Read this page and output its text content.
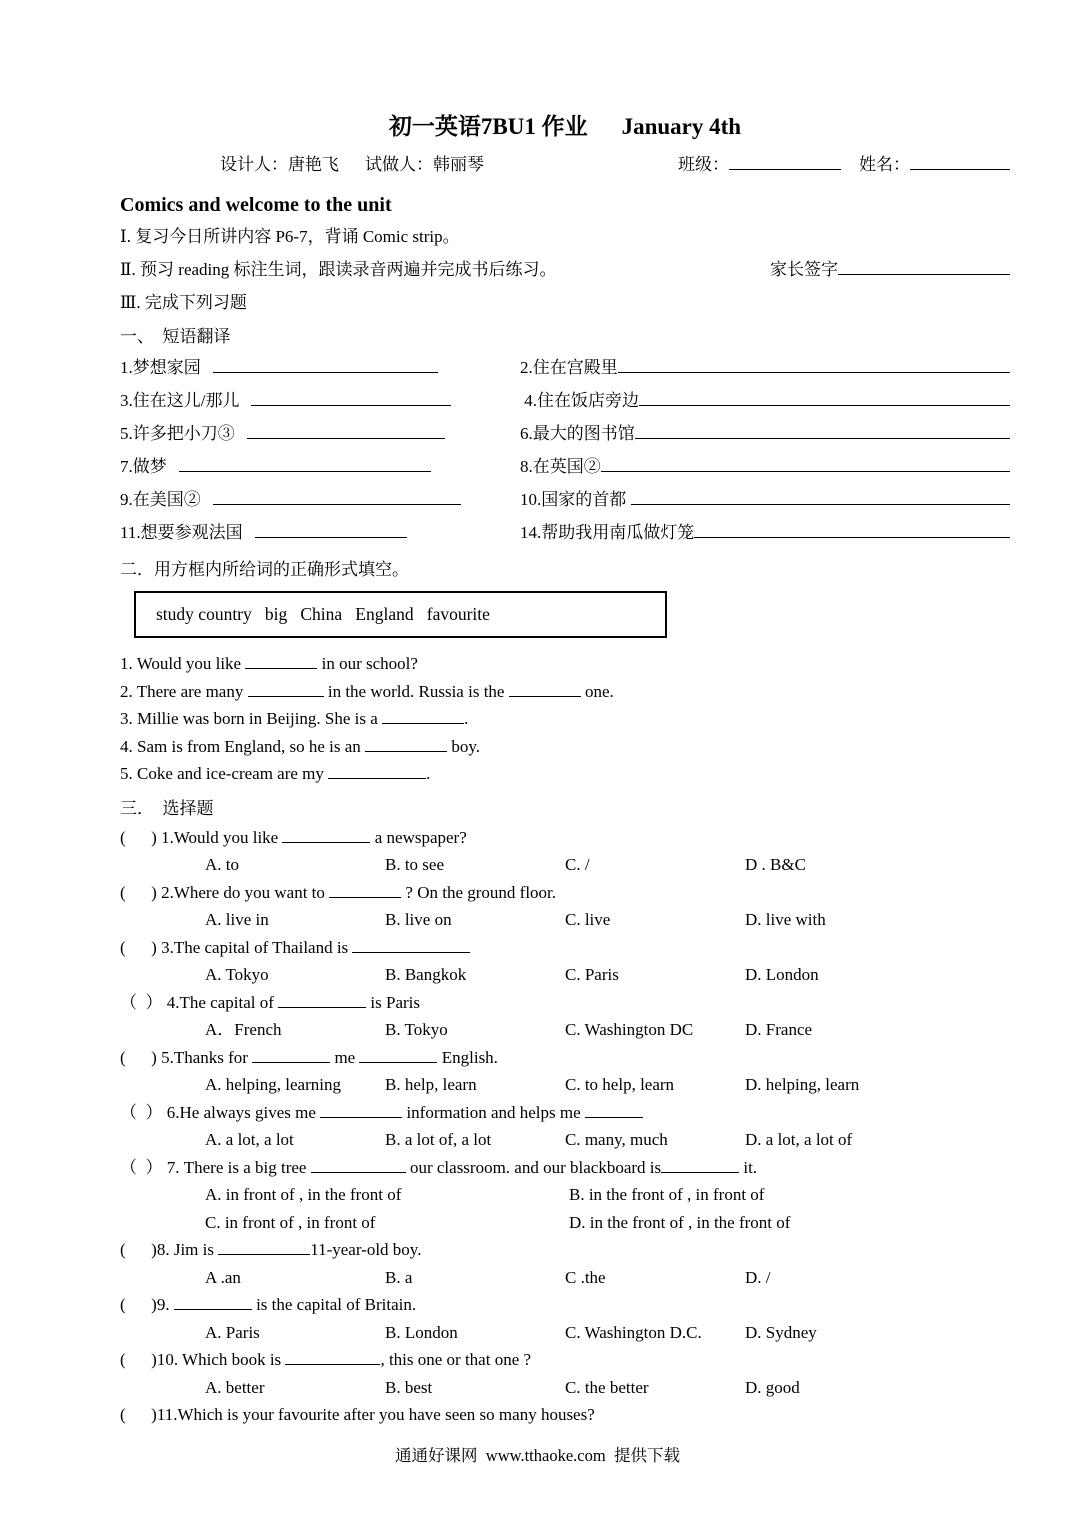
初一英语7BU1 作业 January 4th
设计人：唐艳飞 试做人：韩丽琴	班级：	姓名：
Comics and welcome to the unit
Ⅰ. 复习今日所讲内容 P6-7，背诵 Comic strip。
Ⅱ. 预习 reading 标注生词，跟读录音两遍并完成书后练习。	家长签字
Ⅲ. 完成下列习题
一、  短语翻译
1.梦想家园	2.住在宫殿里
3.住在这儿/那儿	4.住在饭店旁边
5.许多把小刀③	6.最大的图书馆
7.做梦	8.在英国②
9.在美国②	10.国家的首都
11.想要参观法国	14.帮助我用南瓜做灯笼
二．用方框内所给词的正确形式填空。
study country   big   China   England   favourite
1. Would you like	in our school?
2. There are many	in the world. Russia is the	one.
3. Millie was born in Beijing. She is a	.
4. Sam is from England, so he is an	boy.
5. Coke and ice-cream are my	.
三．  选择题
(      ) 1.Would you like	a newspaper?
A. to	B. to see	C. /	D . B&C
(      ) 2.Where do you want to	? On the ground floor.
A. live in	B. live on	C. live	D. live with
(      ) 3.The capital of Thailand is
A. Tokyo	B. Bangkok	C. Paris	D. London
（  ） 4.The capital of	is Paris
A．French	B. Tokyo	C. Washington DC	D. France
(      ) 5.Thanks for	me	English.
A. helping, learning	B. help, learn	C. to help, learn	D. helping, learn
（  ） 6.He always gives me	information and helps me
A. a lot, a lot	B. a lot of, a lot	C. many, much	D. a lot, a lot of
（  ） 7. There is a big tree	our classroom. and our blackboard is	it.
A. in front of , in the front of	B. in the front of , in front of
C. in front of , in front of	D. in the front of , in the front of
(      )8. Jim is	11-year-old boy.
A .an	B. a	C .the	D. /
(      )9.	is the capital of Britain.
A. Paris	B. London	C. Washington D.C.	D. Sydney
(      )10. Which book is	, this one or that one ?
A. better	B. best	C. the better	D. good
(      )11.Which is your favourite after you have seen so many houses?
通通好课网  www.tthaoke.com  提供下载
